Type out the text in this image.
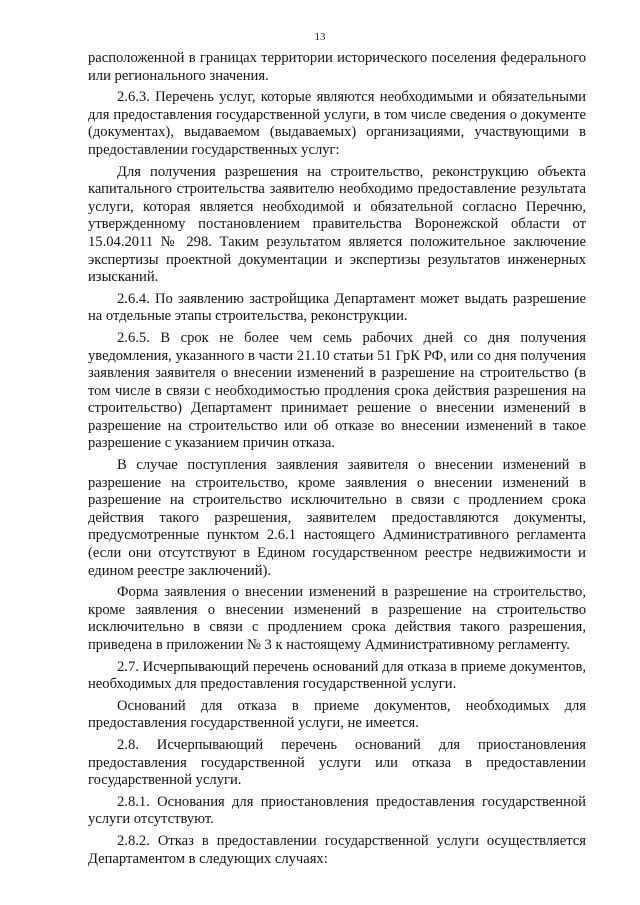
13

расположенной в границах территории исторического поселения федерального или регионального значения.

2.6.3. Перечень услуг, которые являются необходимыми и обязательными для предоставления государственной услуги, в том числе сведения о документе (документах), выдаваемом (выдаваемых) организациями, участвующими в предоставлении государственных услуг:

Для получения разрешения на строительство, реконструкцию объекта капитального строительства заявителю необходимо предоставление результата услуги, которая является необходимой и обязательной согласно Перечню, утвержденному постановлением правительства Воронежской области от 15.04.2011 № 298. Таким результатом является положительное заключение экспертизы проектной документации и экспертизы результатов инженерных изысканий.

2.6.4. По заявлению застройщика Департамент может выдать разрешение на отдельные этапы строительства, реконструкции.

2.6.5. В срок не более чем семь рабочих дней со дня получения уведомления, указанного в части 21.10 статьи 51 ГрК РФ, или со дня получения заявления заявителя о внесении изменений в разрешение на строительство (в том числе в связи с необходимостью продления срока действия разрешения на строительство) Департамент принимает решение о внесении изменений в разрешение на строительство или об отказе во внесении изменений в такое разрешение с указанием причин отказа.

В случае поступления заявления заявителя о внесении изменений в разрешение на строительство, кроме заявления о внесении изменений в разрешение на строительство исключительно в связи с продлением срока действия такого разрешения, заявителем предоставляются документы, предусмотренные пунктом 2.6.1 настоящего Административного регламента (если они отсутствуют в Едином государственном реестре недвижимости и едином реестре заключений).

Форма заявления о внесении изменений в разрешение на строительство, кроме заявления о внесении изменений в разрешение на строительство исключительно в связи с продлением срока действия такого разрешения, приведена в приложении № 3 к настоящему Административному регламенту.

2.7. Исчерпывающий перечень оснований для отказа в приеме документов, необходимых для предоставления государственной услуги.

Оснований для отказа в приеме документов, необходимых для предоставления государственной услуги, не имеется.

2.8. Исчерпывающий перечень оснований для приостановления предоставления государственной услуги или отказа в предоставлении государственной услуги.

2.8.1. Основания для приостановления предоставления государственной услуги отсутствуют.

2.8.2. Отказ в предоставлении государственной услуги осуществляется Департаментом в следующих случаях:
